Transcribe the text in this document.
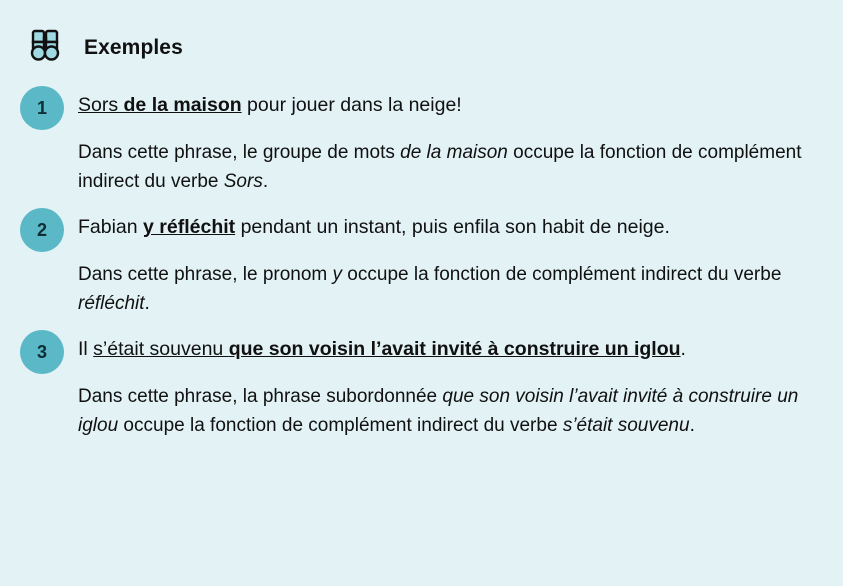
Exemples
1	Sors de la maison pour jouer dans la neige!
Dans cette phrase, le groupe de mots de la maison occupe la fonction de complément indirect du verbe Sors.
2	Fabian y réfléchit pendant un instant, puis enfila son habit de neige.
Dans cette phrase, le pronom y occupe la fonction de complément indirect du verbe réfléchit.
3	Il s’était souvenu que son voisin l’avait invité à construire un iglou.
Dans cette phrase, la phrase subordonnée que son voisin l’avait invité à construire un iglou occupe la fonction de complément indirect du verbe s’était souvenu.
